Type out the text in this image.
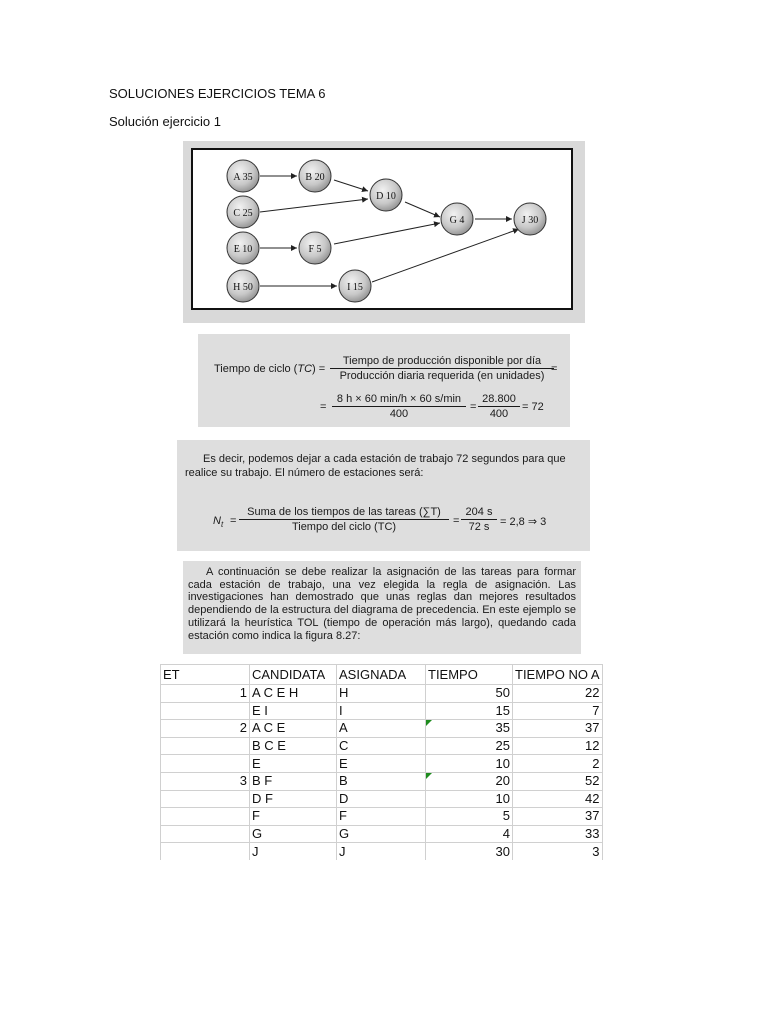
SOLUCIONES EJERCICIOS TEMA 6
Solución ejercicio 1
A 35	B 20
C 25
D 10
E 10	F 5
G 4
H 50	I 15
J 30
Tiempo de ciclo (TC) =
Tiempo de producción disponible por día
Producción diaria requerida (en unidades)
=
=
8 h × 60 min/h × 60 s/min
400
= $\frac{28.800}{400} = 72$
Es decir, podemos dejar a cada estación de trabajo 72 segundos para que
realice su trabajo. El número de estaciones será:
$N_t$ =
Suma de los tiempos de las tareas (∑T)
Tiempo del ciclo (TC)	= $\frac{204 s}{72 s} = 2,8$ ⇒ 3

A continuación se debe realizar la asignación de las tareas para formar cada estación de trabajo, una vez elegida la regla de asignación. Las investigaciones han demostrado que unas reglas dan mejores resultados dependiendo de la estructura del diagrama de precedencia. En este ejemplo se utilizará la heurística TOL (tiempo de operación más largo), quedando cada estación como indica la figura 8.27:

ET	CANDIDATA	ASIGNADA	TIEMPO	TIEMPO NO A
1	A C E H	H	50	22
	E I	I	15	7
2	A C E	A	35	37
	B C E	C	25	12
	E	E	10	2
3	B F	B	20	52
	D F	D	10	42
	F	F	5	37
	G	G	4	33
	J	J	30	3
